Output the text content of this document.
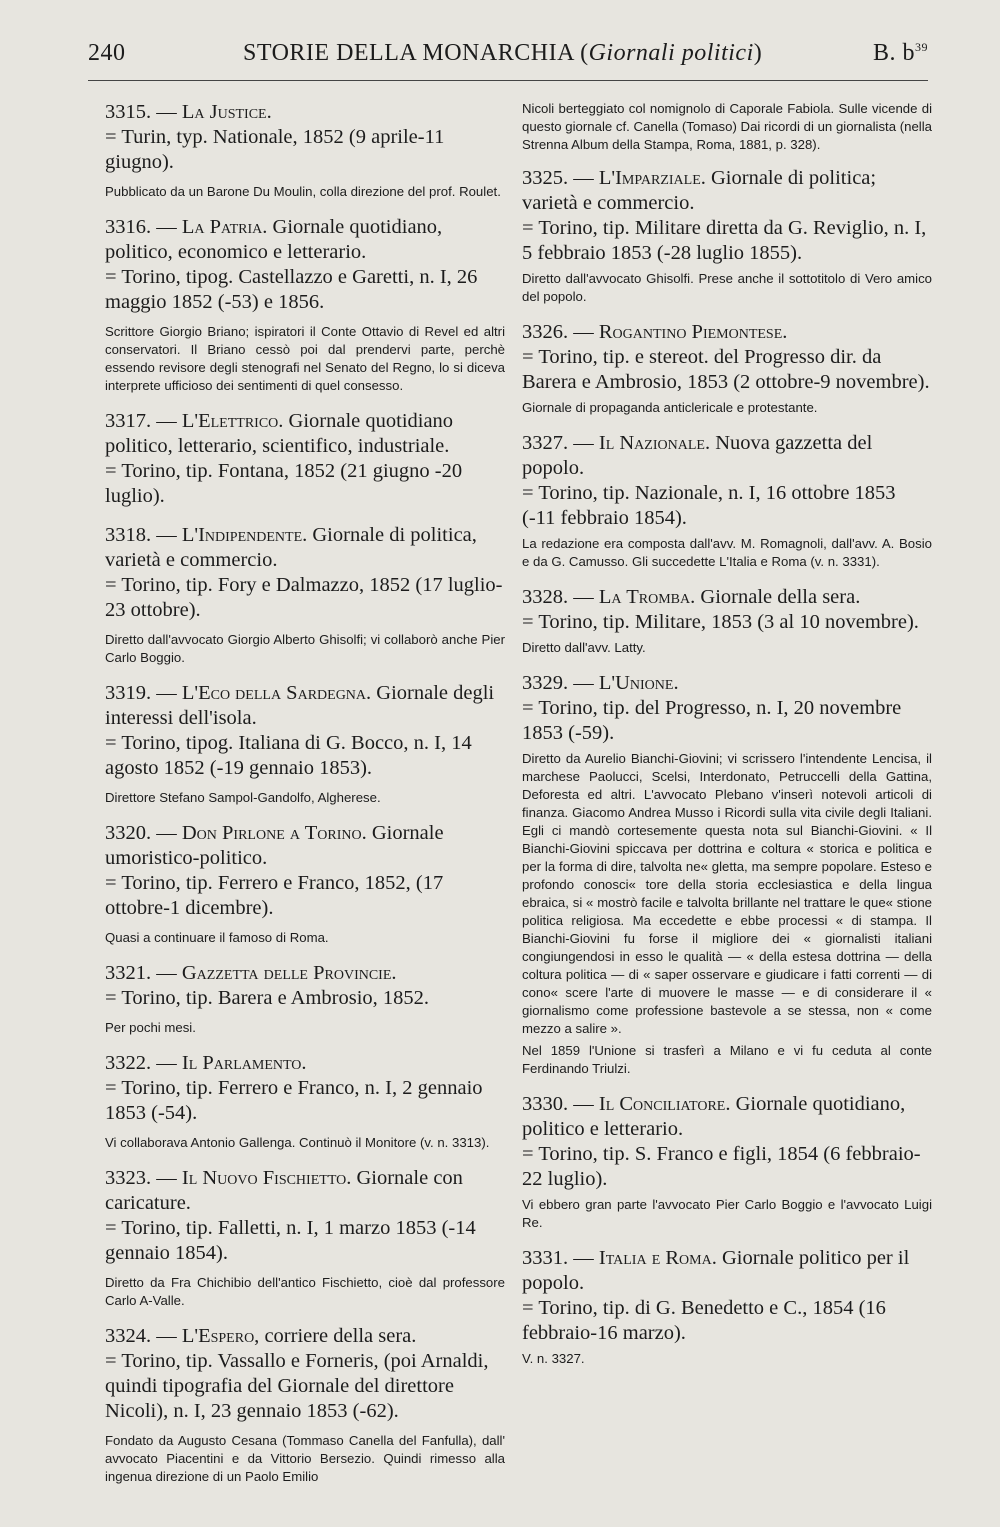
240	STORIE DELLA MONARCHIA (Giornali politici)	B. $b^{39}$

3315. — La Justice.

= Turin, typ. Nationale, 1852 (9 aprile-11 giugno).

Pubblicato da un Barone Du Moulin, colla direzione del prof. Roulet.

3316. — La Patria. Giornale quotidiano, politico, economico e letterario.

= Torino, tipog. Castellazzo e Garetti, n. I, 26 maggio 1852 (-53) e 1856.

Scrittore Giorgio Briano; ispiratori il Conte Ottavio di Revel ed altri conservatori. Il Briano cessò poi dal prendervi parte, perchè essendo revisore degli stenografi nel Senato del Regno, lo si diceva interprete ufficioso dei sentimenti di quel consesso.

3317. — L'Elettrico. Giornale quotidiano politico, letterario, scientifico, industriale.

= Torino, tip. Fontana, 1852 (21 giugno -20 luglio).

3318. — L'Indipendente. Giornale di politica, varietà e commercio.

= Torino, tip. Fory e Dalmazzo, 1852 (17 luglio-23 ottobre).

Diretto dall'avvocato Giorgio Alberto Ghisolfi; vi collaborò anche Pier Carlo Boggio.

3319. — L'Eco della Sardegna. Giornale degli interessi dell'isola.

= Torino, tipog. Italiana di G. Bocco, n. I, 14 agosto 1852 (-19 gennaio 1853).

Direttore Stefano Sampol-Gandolfo, Algherese.

3320. — Don Pirlone a Torino. Giornale umoristico-politico.

= Torino, tip. Ferrero e Franco, 1852, (17 ottobre-1 dicembre).

Quasi a continuare il famoso di Roma.

3321. — Gazzetta delle Provincie.

= Torino, tip. Barera e Ambrosio, 1852.

Per pochi mesi.

3322. — Il Parlamento.

= Torino, tip. Ferrero e Franco, n. I, 2 gennaio 1853 (-54).

Vi collaborava Antonio Gallenga. Continuò il Monitore (v. n. 3313).

3323. — Il Nuovo Fischietto. Giornale con caricature.

= Torino, tip. Falletti, n. I, 1 marzo 1853 (-14 gennaio 1854).

Diretto da Fra Chichibio dell'antico Fischietto, cioè dal professore Carlo A-Valle.

3324. — L'Espero, corriere della sera.

= Torino, tip. Vassallo e Forneris, (poi Arnaldi, quindi tipografia del Giornale del direttore Nicoli), n. I, 23 gennaio 1853 (-62).

Fondato da Augusto Cesana (Tommaso Canella del Fanfulla), dall' avvocato Piacentini e da Vittorio Bersezio. Quindi rimesso alla ingenua direzione di un Paolo Emilio

Nicoli berteggiato col nomignolo di Caporale Fabiola. Sulle vicende di questo giornale cf. Canella (Tomaso) Dai ricordi di un giornalista (nella Strenna Album della Stampa, Roma, 1881, p. 328).

3325. — L'Imparziale. Giornale di politica; varietà e commercio.

= Torino, tip. Militare diretta da G. Reviglio, n. I, 5 febbraio 1853 (-28 luglio 1855).

Diretto dall'avvocato Ghisolfi. Prese anche il sottotitolo di Vero amico del popolo.

3326. — Rogantino Piemontese.

= Torino, tip. e stereot. del Progresso dir. da Barera e Ambrosio, 1853 (2 ottobre-9 novembre).

Giornale di propaganda anticlericale e protestante.

3327. — Il Nazionale. Nuova gazzetta del popolo.

= Torino, tip. Nazionale, n. I, 16 ottobre 1853 (-11 febbraio 1854).

La redazione era composta dall'avv. M. Romagnoli, dall'avv. A. Bosio e da G. Camusso. Gli succedette L'Italia e Roma (v. n. 3331).

3328. — La Tromba. Giornale della sera.

= Torino, tip. Militare, 1853 (3 al 10 novembre).

Diretto dall'avv. Latty.

3329. — L'Unione.

= Torino, tip. del Progresso, n. I, 20 novembre 1853 (-59).

Diretto da Aurelio Bianchi-Giovini; vi scrissero l'intendente Lencisa, il marchese Paolucci, Scelsi, Interdonato, Petruccelli della Gattina, Deforesta ed altri. L'avvocato Plebano v'inserì notevoli articoli di finanza. Giacomo Andrea Musso i Ricordi sulla vita civile degli Italiani. Egli ci mandò cortesemente questa nota sul Bianchi-Giovini. « Il Bianchi-Giovini spiccava per dottrina e coltura « storica e politica e per la forma di dire, talvolta ne« gletta, ma sempre popolare. Esteso e profondo conosci« tore della storia ecclesiastica e della lingua ebraica, si « mostrò facile e talvolta brillante nel trattare le que« stione politica religiosa. Ma eccedette e ebbe processi « di stampa. Il Bianchi-Giovini fu forse il migliore dei « giornalisti italiani congiungendosi in esso le qualità — « della estesa dottrina — della coltura politica — di « saper osservare e giudicare i fatti correnti — di cono« scere l'arte di muovere le masse — e di considerare il « giornalismo come professione bastevole a se stessa, non « come mezzo a salire ».

Nel 1859 l'Unione si trasferì a Milano e vi fu ceduta al conte Ferdinando Triulzi.

3330. — Il Conciliatore. Giornale quotidiano, politico e letterario.

= Torino, tip. S. Franco e figli, 1854 (6 febbraio-22 luglio).

Vi ebbero gran parte l'avvocato Pier Carlo Boggio e l'avvocato Luigi Re.

3331. — Italia e Roma. Giornale politico per il popolo.

= Torino, tip. di G. Benedetto e C., 1854 (16 febbraio-16 marzo).

V. n. 3327.
